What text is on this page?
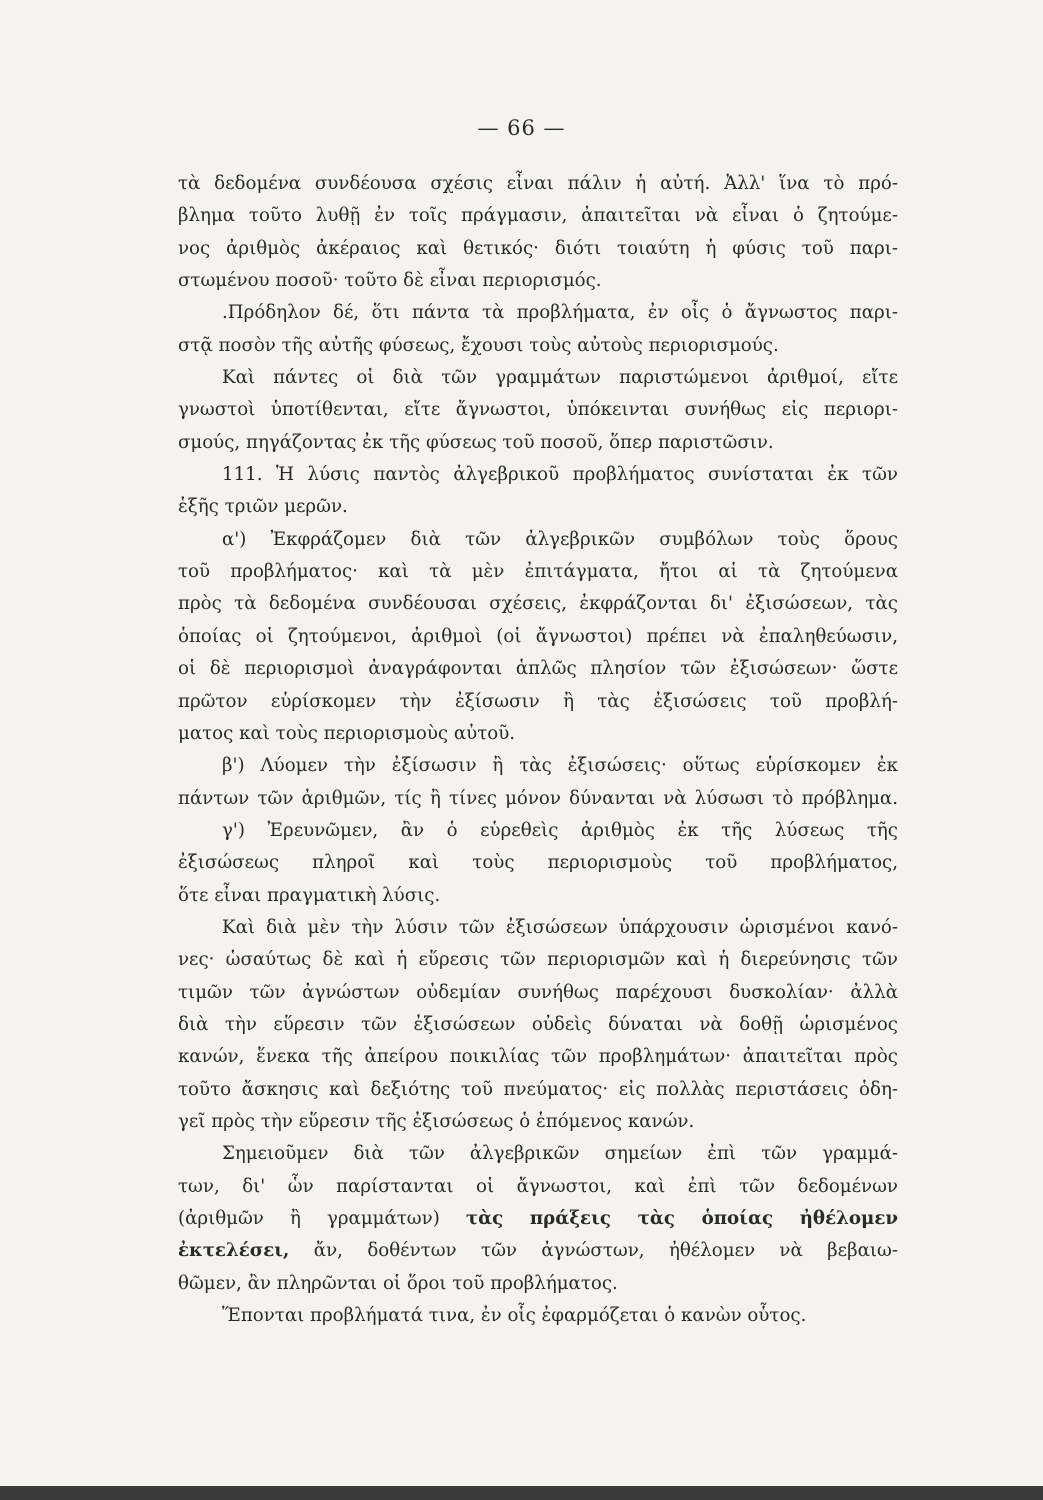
— 66 —
τὰ δεδομένα συνδέουσα σχέσις εἶναι πάλιν ἡ αὐτή. Ἀλλ' ἵνα τὸ πρό-
βλημα τοῦτο λυθῇ ἐν τοῖς πράγμασιν, ἀπαιτεῖται νὰ εἶναι ὁ ζητούμε-
νος ἀριθμὸς ἀκέραιος καὶ θετικός· διότι τοιαύτη ἡ φύσις τοῦ παρι-
στωμένου ποσοῦ· τοῦτο δὲ εἶναι περιορισμός.
.Πρόδηλον δέ, ὅτι πάντα τὰ προβλήματα, ἐν οἷς ὁ ἄγνωστος παρι-
στᾷ ποσὸν τῆς αὐτῆς φύσεως, ἔχουσι τοὺς αὐτοὺς περιορισμούς.
Καὶ πάντες οἱ διὰ τῶν γραμμάτων παριστώμενοι ἀριθμοί, εἴτε
γνωστοὶ ὑποτίθενται, εἴτε ἄγνωστοι, ὑπόκεινται συνήθως εἰς περιορι-
σμούς, πηγάζοντας ἐκ τῆς φύσεως τοῦ ποσοῦ, ὅπερ παριστῶσιν.
111. Ἡ λύσις παντὸς ἀλγεβρικοῦ προβλήματος συνίσταται ἐκ τῶν
ἑξῆς τριῶν μερῶν.
α') Ἐκφράζομεν διὰ τῶν ἀλγεβρικῶν συμβόλων τοὺς ὅρους
τοῦ προβλήματος· καὶ τὰ μὲν ἐπιτάγματα, ἤτοι αἱ τὰ ζητούμενα
πρὸς τὰ δεδομένα συνδέουσαι σχέσεις, ἐκφράζονται δι' ἐξισώσεων, τὰς
ὁποίας οἱ ζητούμενοι, ἀριθμοὶ (οἱ ἄγνωστοι) πρέπει νὰ ἐπαληθεύωσιν,
οἱ δὲ περιορισμοὶ ἀναγράφονται ἁπλῶς πλησίον τῶν ἐξισώσεων· ὥστε
πρῶτον εὑρίσκομεν τὴν ἐξίσωσιν ἢ τὰς ἐξισώσεις τοῦ προβλή-
ματος καὶ τοὺς περιορισμοὺς αὐτοῦ.
β') Λύομεν τὴν ἐξίσωσιν ἢ τὰς ἐξισώσεις· οὕτως εὑρίσκομεν ἐκ
πάντων τῶν ἀριθμῶν, τίς ἢ τίνες μόνον δύνανται νὰ λύσωσι τὸ πρόβλημα.
γ') Ἐρευνῶμεν, ἂν ὁ εὑρεθεὶς ἀριθμὸς ἐκ τῆς λύσεως τῆς
ἐξισώσεως πληροῖ καὶ τοὺς περιορισμοὺς τοῦ προβλήματος,
ὅτε εἶναι πραγματικὴ λύσις.
Καὶ διὰ μὲν τὴν λύσιν τῶν ἐξισώσεων ὑπάρχουσιν ὡρισμένοι κανό-
νες· ὡσαύτως δὲ καὶ ἡ εὕρεσις τῶν περιορισμῶν καὶ ἡ διερεύνησις τῶν
τιμῶν τῶν ἀγνώστων οὐδεμίαν συνήθως παρέχουσι δυσκολίαν· ἀλλὰ
διὰ τὴν εὕρεσιν τῶν ἐξισώσεων οὐδεὶς δύναται νὰ δοθῇ ὡρισμένος
κανών, ἕνεκα τῆς ἀπείρου ποικιλίας τῶν προβλημάτων· ἀπαιτεῖται πρὸς
τοῦτο ἄσκησις καὶ δεξιότης τοῦ πνεύματος· εἰς πολλὰς περιστάσεις ὁδη-
γεῖ πρὸς τὴν εὕρεσιν τῆς ἐξισώσεως ὁ ἑπόμενος κανών.
Σημειοῦμεν διὰ τῶν ἀλγεβρικῶν σημείων ἐπὶ τῶν γραμμά-
των, δι' ὧν παρίστανται οἱ ἄγνωστοι, καὶ ἐπὶ τῶν δεδομένων
(ἀριθμῶν ἢ γραμμάτων) τὰς πράξεις τὰς ὁποίας ἠθέλομεν
ἐκτελέσει, ἄν, δοθέντων τῶν ἀγνώστων, ἠθέλομεν νὰ βεβαιω-
θῶμεν, ἂν πληρῶνται οἱ ὅροι τοῦ προβλήματος.
Ἕπονται προβλήματά τινα, ἐν οἷς ἐφαρμόζεται ὁ κανὼν οὗτος.
